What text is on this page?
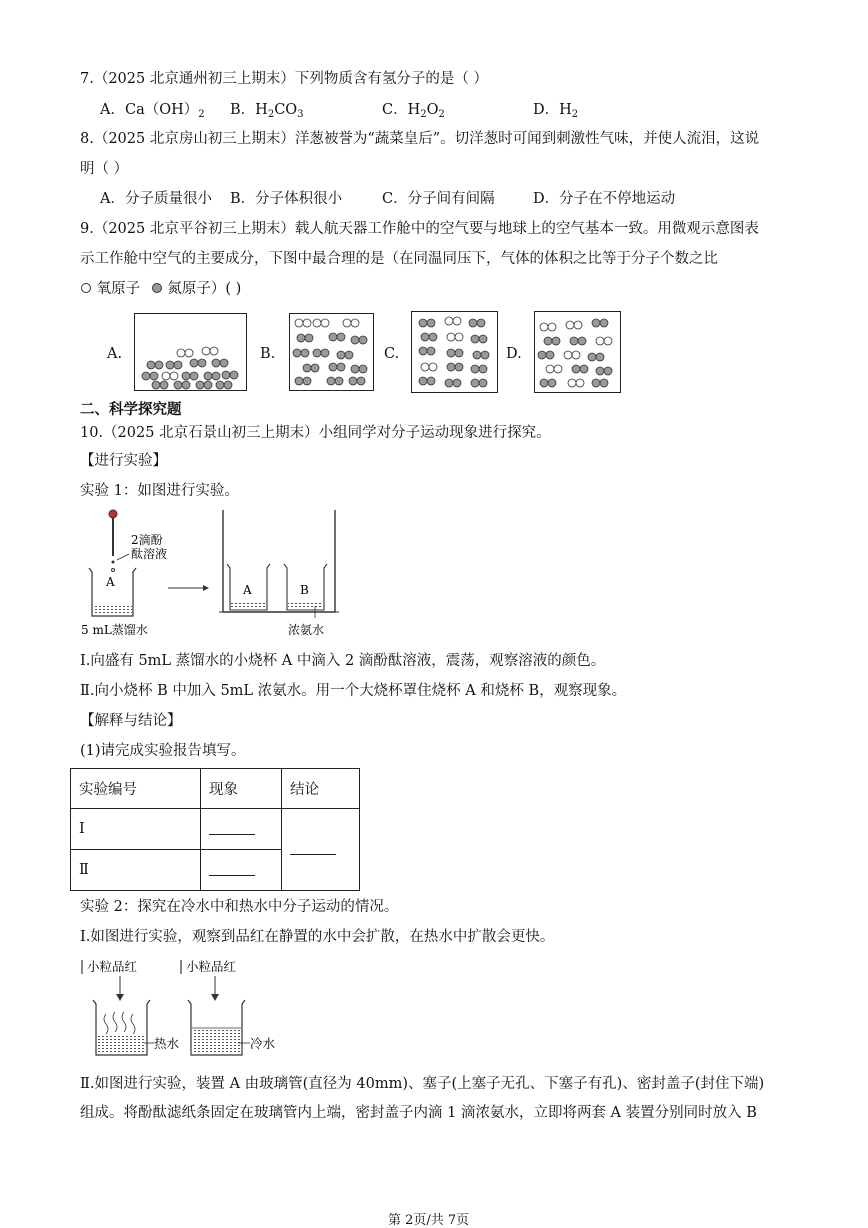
7.（2025 北京通州初三上期末）下列物质含有氢分子的是（ ）
A．$Ca(OH)_2$ B．$H_2CO_3$	C．$H_2O_2$	D．$H_2$
8.（2025 北京房山初三上期末）洋葱被誉为“蔬菜皇后”。切洋葱时可闻到刺激性气味，并使人流泪，这说
明（ ）
A．分子质量很小 B．分子体积很小	C．分子间有间隔	D．分子在不停地运动
9.（2025 北京平谷初三上期末）载人航天器工作舱中的空气要与地球上的空气基本一致。用微观示意图表
示工作舱中空气的主要成分，下图中最合理的是（在同温同压下，气体的体积之比等于分子个数之比
氧原子 氮原子）( )
A.	B.	C.	D.
二、科学探究题
10.（2025 北京石景山初三上期末）小组同学对分子运动现象进行探究。
【进行实验】
实验 1：如图进行实验。
2滴酚
酞溶液
A
5 mL蒸馏水
A	B
浓氨水
Ⅰ.向盛有 5mL 蒸馏水的小烧杯 A 中滴入 2 滴酚酞溶液，震荡，观察溶液的颜色。
Ⅱ.向小烧杯 B 中加入 5mL 浓氨水。用一个大烧杯罩住烧杯 A 和烧杯 B，观察现象。
【解释与结论】
(1)请完成实验报告填写。
实验编号	现象	结论
Ⅰ		
Ⅱ		
实验 2：探究在冷水中和热水中分子运动的情况。
Ⅰ.如图进行实验，观察到品红在静置的水中会扩散，在热水中扩散会更快。
小粒品红
热水
小粒品红
冷水
Ⅱ.如图进行实验，装置 A 由玻璃管(直径为 40mm)、塞子(上塞子无孔、下塞子有孔)、密封盖子(封住下端)
组成。将酚酞滤纸条固定在玻璃管内上端，密封盖子内滴 1 滴浓氨水，立即将两套 A 装置分别同时放入 B
第 2页/共 7页
